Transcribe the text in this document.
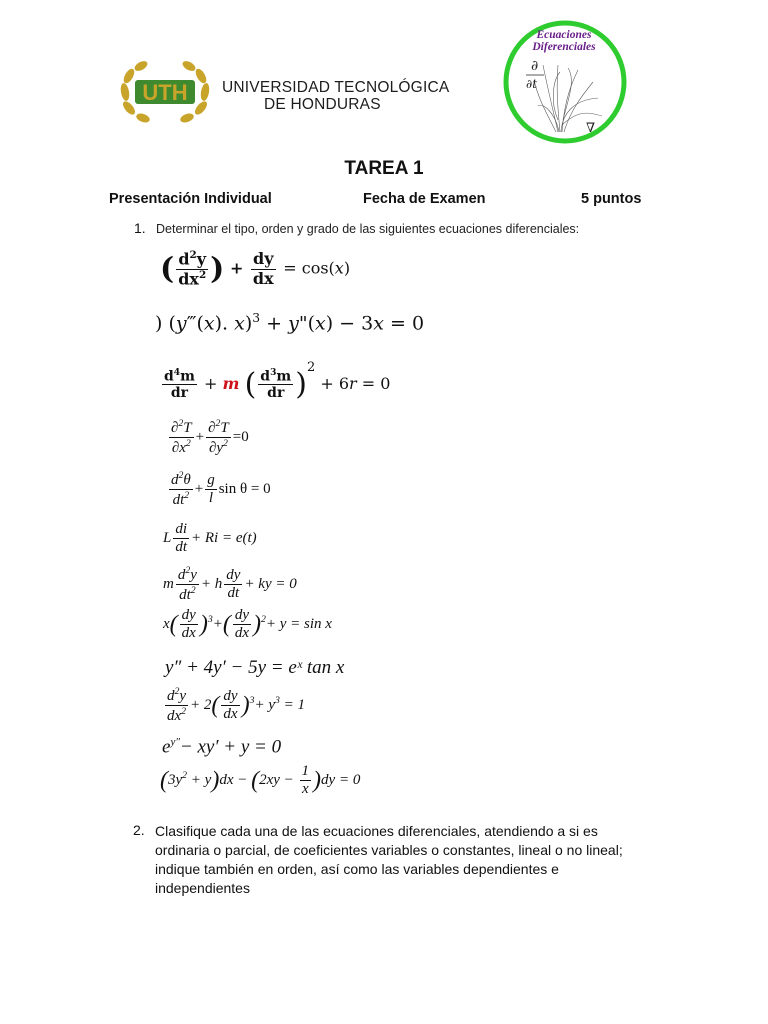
UTH UNIVERSIDAD TECNOLÓGICA
DE HONDURAS
∂
∂t
∇
Ecuaciones
Diferenciales
TAREA 1
Presentación Individual	Fecha de Examen	5 puntos
1. Determinar el tipo, orden y grado de las siguientes ecuaciones diferenciales:
( $\frac{d^2y}{dx^2}$ ) + $\frac{dy}{dx} = \cos(x)$
) (y‴(x). x)$^3$ + y"(x) − 3x = 0
$\frac{d^4m}{dr} + m$ ( $\frac{d^3m}{dr} )^2 + 6r = 0$
$\frac{\partial^2T}{\partial x^2} + \frac{\partial^2T}{\partial y^2} =0$
$\frac{d^2\theta}{dt^2} + \frac{g}{l}$ sin θ = 0
L $\frac{di}{dt} + Ri = e(t)$
m $\frac{d^2y}{dt^2} + h \frac{dy}{dt}$ + ky = 0
$x( \frac{dy}{dx} )^3+( \frac{dy}{dx} )^2+ y = \sin x$
y″ + 4y′ − 5y = eˣ tan x
$\frac{d^2y}{dx^2} + 2( \frac{dy}{dx} )^3+ y^3 = 1$
$e^{y''}- xy' + y = 0$
$(3y^2 + y)dx - (2xy - \frac{1}{x} )dy = 0$
2. Clasifique cada una de las ecuaciones diferenciales, atendiendo a si es ordinaria o parcial, de coeficientes variables o constantes, lineal o no lineal; indique también en orden, así como las variables dependientes e independientes
